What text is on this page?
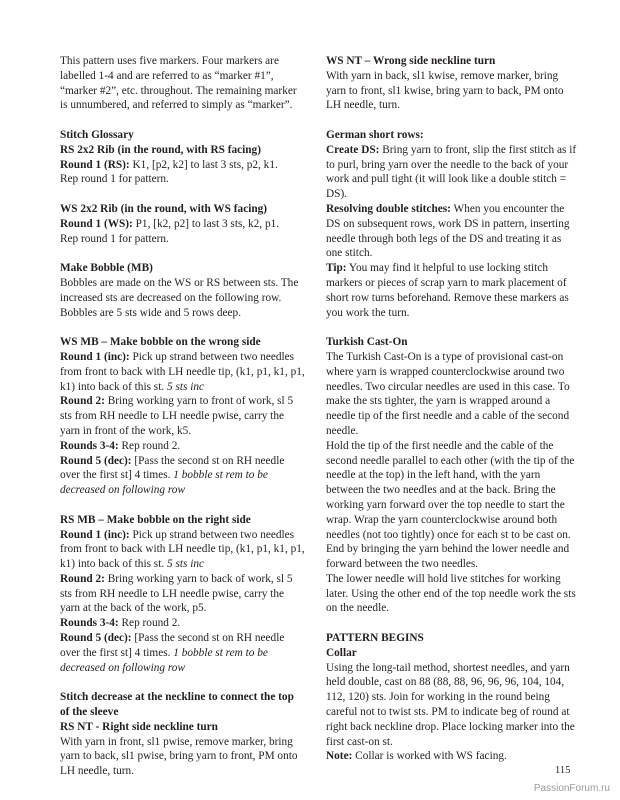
This pattern uses five markers. Four markers are labelled 1-4 and are referred to as “marker #1”, “marker #2”, etc. throughout. The remaining marker is unnumbered, and referred to simply as “marker”.

Stitch Glossary

RS 2x2 Rib (in the round, with RS facing)

Round 1 (RS): K1, [p2, k2] to last 3 sts, p2, k1.

Rep round 1 for pattern.

WS 2x2 Rib (in the round, with WS facing)

Round 1 (WS): P1, [k2, p2] to last 3 sts, k2, p1.

Rep round 1 for pattern.

Make Bobble (MB)

Bobbles are made on the WS or RS between sts. The increased sts are decreased on the following row. Bobbles are 5 sts wide and 5 rows deep.

WS MB – Make bobble on the wrong side

Round 1 (inc): Pick up strand between two needles from front to back with LH needle tip, (k1, p1, k1, p1, k1) into back of this st. 5 sts inc

Round 2: Bring working yarn to front of work, sl 5 sts from RH needle to LH needle pwise, carry the yarn in front of the work, k5.

Rounds 3-4: Rep round 2.

Round 5 (dec): [Pass the second st on RH needle over the first st] 4 times. 1 bobble st rem to be decreased on following row

RS MB – Make bobble on the right side

Round 1 (inc): Pick up strand between two needles from front to back with LH needle tip, (k1, p1, k1, p1, k1) into back of this st. 5 sts inc

Round 2: Bring working yarn to back of work, sl 5 sts from RH needle to LH needle pwise, carry the yarn at the back of the work, p5.

Rounds 3-4: Rep round 2.

Round 5 (dec): [Pass the second st on RH needle over the first st] 4 times. 1 bobble st rem to be decreased on following row

Stitch decrease at the neckline to connect the top of the sleeve

RS NT - Right side neckline turn

With yarn in front, sl1 pwise, remove marker, bring yarn to back, sl1 pwise, bring yarn to front, PM onto LH needle, turn.

WS NT – Wrong side neckline turn

With yarn in back, sl1 kwise, remove marker, bring yarn to front, sl1 kwise, bring yarn to back, PM onto LH needle, turn.

German short rows:

Create DS: Bring yarn to front, slip the first stitch as if to purl, bring yarn over the needle to the back of your work and pull tight (it will look like a double stitch = DS).

Resolving double stitches: When you encounter the DS on subsequent rows, work DS in pattern, inserting needle through both legs of the DS and treating it as one stitch.

Tip: You may find it helpful to use locking stitch markers or pieces of scrap yarn to mark placement of short row turns beforehand. Remove these markers as you work the turn.

Turkish Cast-On

The Turkish Cast-On is a type of provisional cast-on where yarn is wrapped counterclockwise around two needles. Two circular needles are used in this case. To make the sts tighter, the yarn is wrapped around a needle tip of the first needle and a cable of the second needle.

Hold the tip of the first needle and the cable of the second needle parallel to each other (with the tip of the needle at the top) in the left hand, with the yarn between the two needles and at the back. Bring the working yarn forward over the top needle to start the wrap. Wrap the yarn counterclockwise around both needles (not too tightly) once for each st to be cast on. End by bringing the yarn behind the lower needle and forward between the two needles.

The lower needle will hold live stitches for working later. Using the other end of the top needle work the sts on the needle.

PATTERN BEGINS

Collar

Using the long-tail method, shortest needles, and yarn held double, cast on 88 (88, 88, 96, 96, 96, 104, 104, 112, 120) sts. Join for working in the round being careful not to twist sts. PM to indicate beg of round at right back neckline drop. Place locking marker into the first cast-on st.

Note: Collar is worked with WS facing.

115
PassionForum.ru
